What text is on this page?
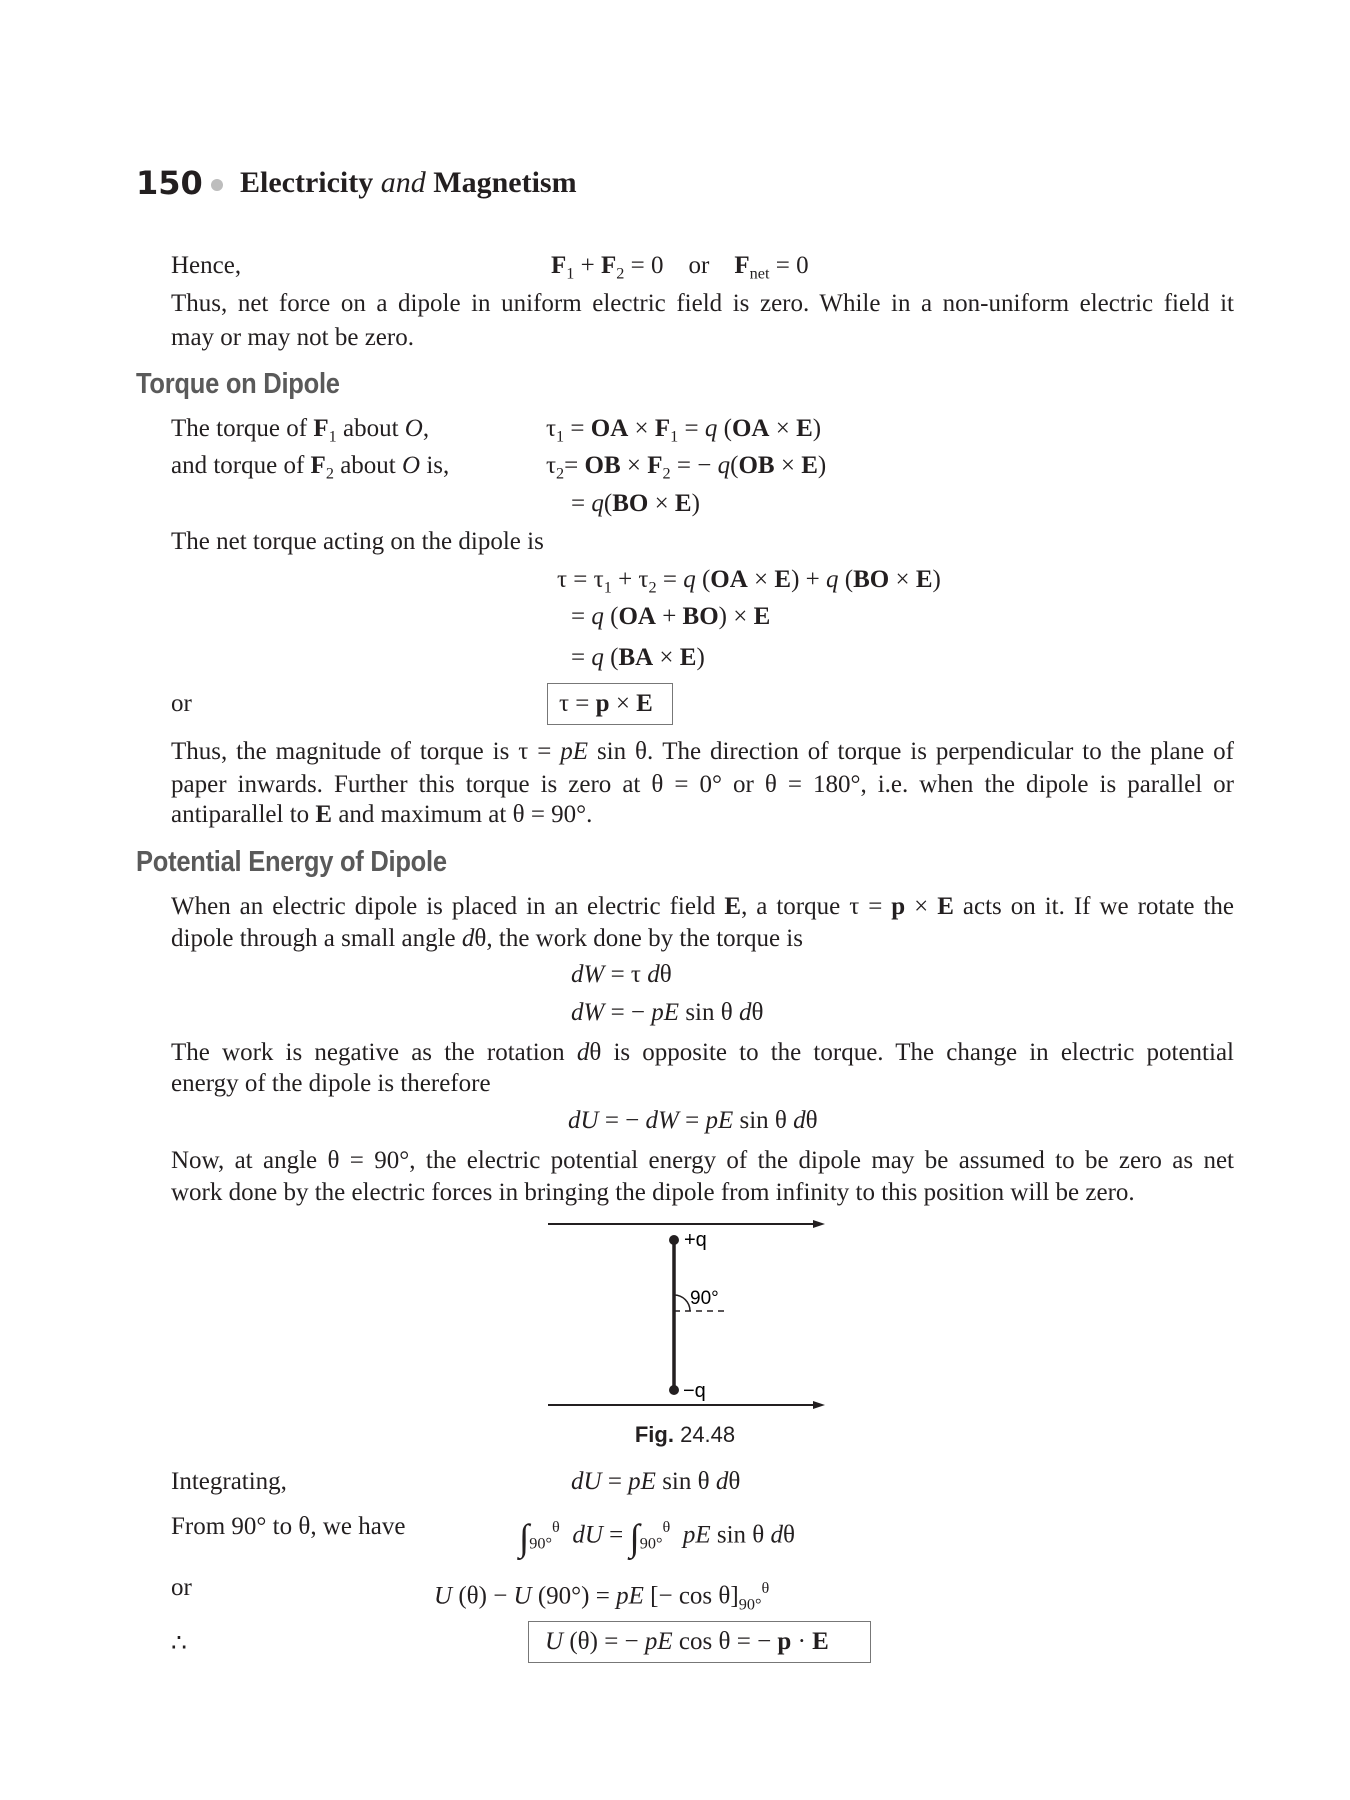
150 Electricity and Magnetism
Hence,	$F_1 + F_2 = 0$    or    $F_{net} = 0$
Thus, net force on a dipole in uniform electric field is zero. While in a non-uniform electric field it
may or may not be zero.
Torque on Dipole
The torque of $F_1$ about O,	$\tau_1$ = OA × $F_1 = q$ (OA × E)
and torque of $F_2$ about O is,	$\tau_2=$ OB × $F_2$ = − q(OB × E)
= q(BO × E)
The net torque acting on the dipole is
$\tau = \tau_1 + \tau_2 = q$ (OA × E) + q (BO × E)
= q (OA + BO) × E
= q (BA × E)
or	τ = p × E
Thus, the magnitude of torque is τ = pE sin θ. The direction of torque is perpendicular to the plane of
paper inwards. Further this torque is zero at θ = 0° or θ = 180°, i.e. when the dipole is parallel or
antiparallel to E and maximum at θ = 90°.
Potential Energy of Dipole
When an electric dipole is placed in an electric field E, a torque τ = p × E acts on it. If we rotate the
dipole through a small angle dθ, the work done by the torque is
dW = τ dθ
dW = − pE sin θ dθ
The work is negative as the rotation dθ is opposite to the torque. The change in electric potential
energy of the dipole is therefore
dU = − dW = pE sin θ dθ
Now, at angle θ = 90°, the electric potential energy of the dipole may be assumed to be zero as net
work done by the electric forces in bringing the dipole from infinity to this position will be zero.
+q
−q
90°
Fig. 24.48
Integrating,	dU = pE sin θ dθ
From 90° to θ, we have	$\int_{90^\circ}^\theta$ dU = $\int_{90^\circ}^\theta$ pE sin θ dθ
or	U (θ) − U (90°) = pE [− $\cos \theta]_{90^\circ}^\theta$
∴	U (θ) = − pE cos θ = − p · E
